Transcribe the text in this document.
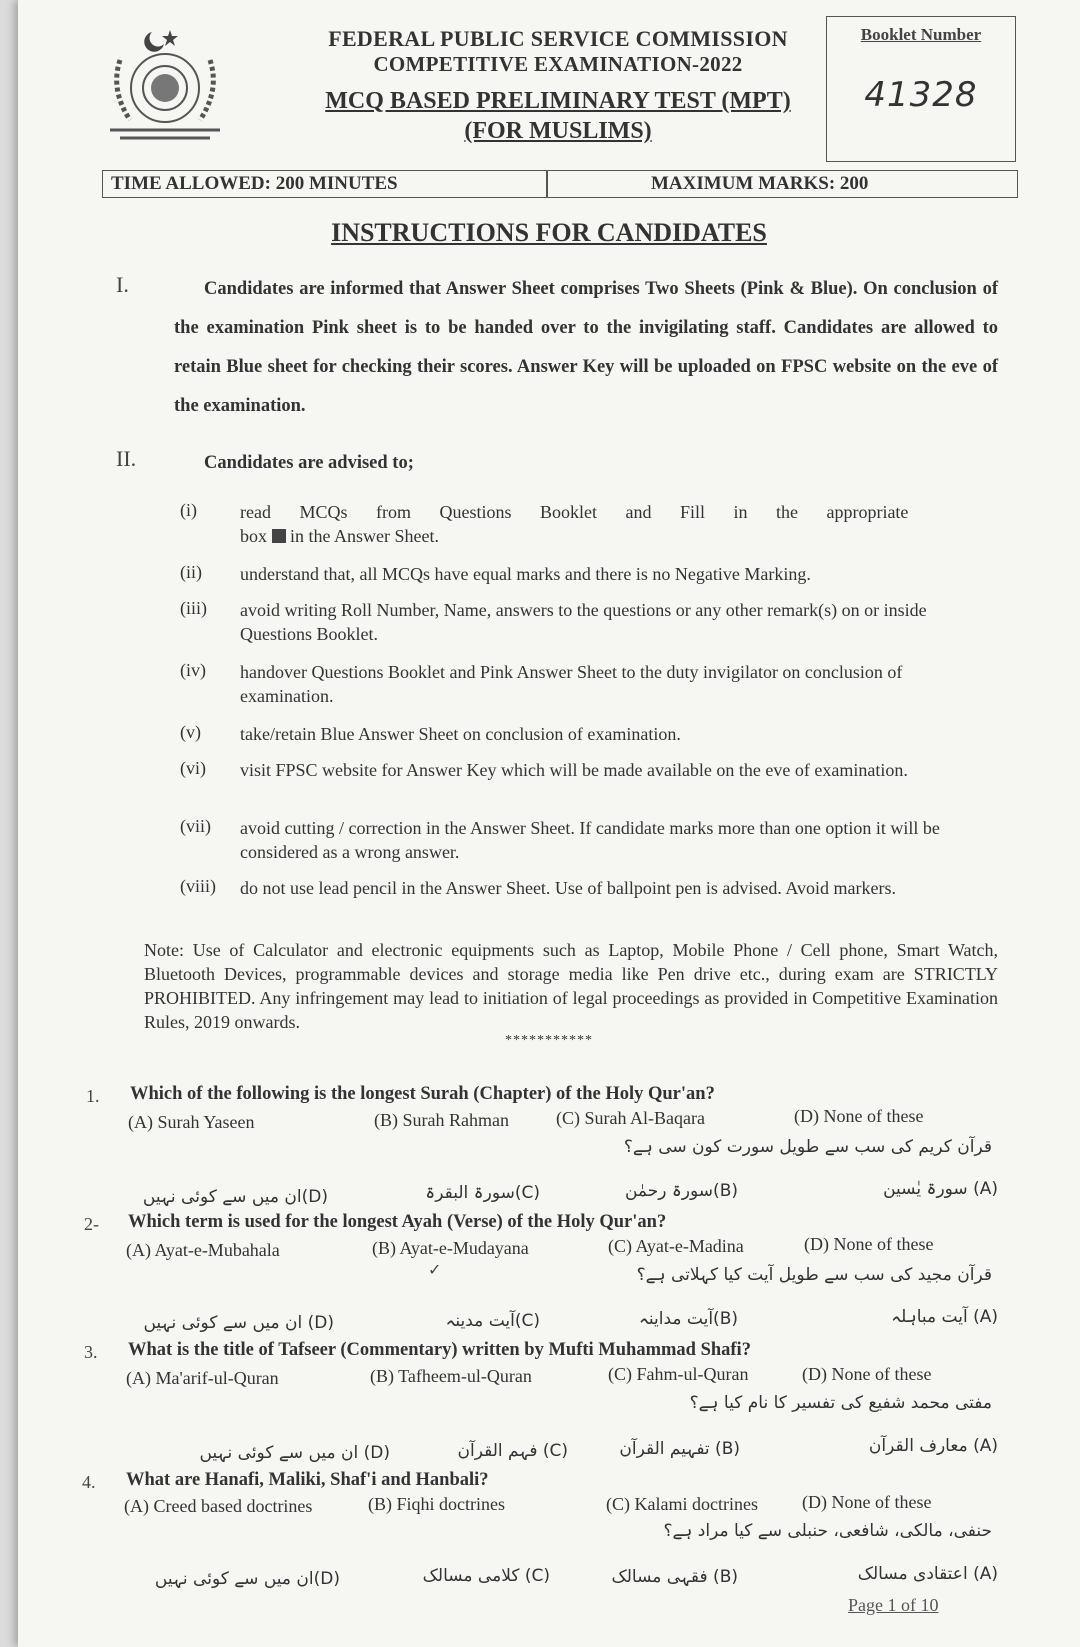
FEDERAL PUBLIC SERVICE COMMISSION
COMPETITIVE EXAMINATION-2022
MCQ BASED PRELIMINARY TEST (MPT)
(FOR MUSLIMS)
Booklet Number
41328
TIME ALLOWED: 200 MINUTES	MAXIMUM MARKS: 200
INSTRUCTIONS FOR CANDIDATES
I.	Candidates are informed that Answer Sheet comprises Two Sheets (Pink & Blue). On conclusion of the examination Pink sheet is to be handed over to the invigilating staff. Candidates are allowed to retain Blue sheet for checking their scores. Answer Key will be uploaded on FPSC website on the eve of the examination.
II.	Candidates are advised to;
(i) read MCQs from Questions Booklet and Fill in the appropriate
box in the Answer Sheet.
(ii) understand that, all MCQs have equal marks and there is no Negative Marking.
(iii) avoid writing Roll Number, Name, answers to the questions or any other remark(s) on or inside Questions Booklet.
(iv) handover Questions Booklet and Pink Answer Sheet to the duty invigilator on conclusion of examination.
(v) take/retain Blue Answer Sheet on conclusion of examination.
(vi) visit FPSC website for Answer Key which will be made available on the eve of examination.
(vii) avoid cutting / correction in the Answer Sheet. If candidate marks more than one option it will be considered as a wrong answer.
(viii) do not use lead pencil in the Answer Sheet. Use of ballpoint pen is advised. Avoid markers.
Note: Use of Calculator and electronic equipments such as Laptop, Mobile Phone / Cell phone, Smart Watch, Bluetooth Devices, programmable devices and storage media like Pen drive etc., during exam are STRICTLY PROHIBITED. Any infringement may lead to initiation of legal proceedings as provided in Competitive Examination Rules, 2019 onwards.
***********
1. Which of the following is the longest Surah (Chapter) of the Holy Qur'an?
(A) Surah Yaseen	(B) Surah Rahman	(C) Surah Al-Baqara	(D) None of these
قرآن کریم کی سب سے طویل سورت کون سی ہے؟
(A) سورۃ یٰسین
(B)سورۃ رحمٰن
(C)سورۃ البقرۃ
(D)ان میں سے کوئی نہیں
2- Which term is used for the longest Ayah (Verse) of the Holy Qur'an?
(A) Ayat-e-Mubahala	(B) Ayat-e-Mudayana
✓
(C) Ayat-e-Madina	(D) None of these
قرآن مجید کی سب سے طویل آیت کیا کہلاتی ہے؟
(A) آیت مباہلہ
(B)آیت مداینہ
(C)آیت مدینہ
(D) ان میں سے کوئی نہیں
3. What is the title of Tafseer (Commentary) written by Mufti Muhammad Shafi?
(A) Ma'arif-ul-Quran	(B) Tafheem-ul-Quran	(C) Fahm-ul-Quran	(D) None of these
مفتی محمد شفیع کی تفسیر کا نام کیا ہے؟
(A) معارف القرآن
(B) تفہیم القرآن
(C) فہم القرآن
(D) ان میں سے کوئی نہیں
4. What are Hanafi, Maliki, Shaf'i and Hanbali?
(A) Creed based doctrines	(B) Fiqhi doctrines	(C) Kalami doctrines (D) None of these
حنفی، مالکی، شافعی، حنبلی سے کیا مراد ہے؟
(A) اعتقادی مسالک
(B) فقہی مسالک
(C) کلامی مسالک
(D)ان میں سے کوئی نہیں
Page 1 of 10
